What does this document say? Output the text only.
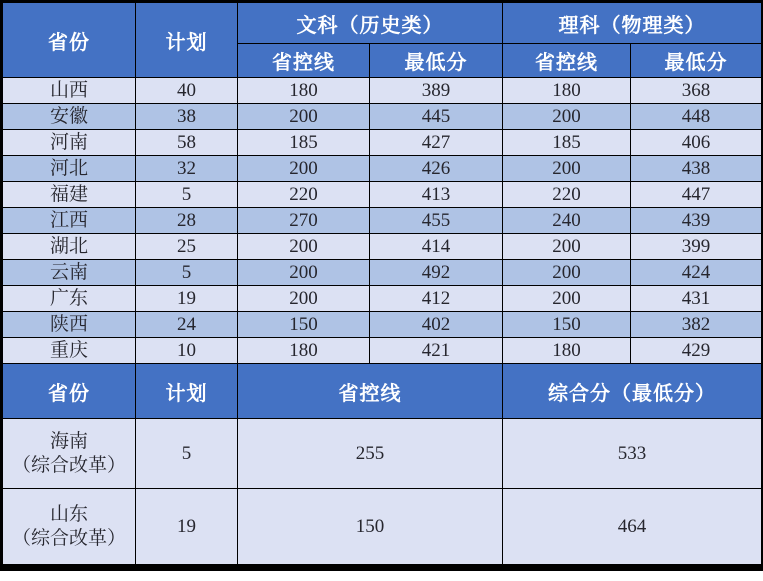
省份	计划	文科（历史类）		理科（物理类）	
		省控线	最低分	省控线	最低分
山西	40	180	389	180	368
安徽	38	200	445	200	448
河南	58	185	427	185	406
河北	32	200	426	200	438
福建	5	220	413	220	447
江西	28	270	455	240	439
湖北	25	200	414	200	399
云南	5	200	492	200	424
广东	19	200	412	200	431
陕西	24	150	402	150	382
重庆	10	180	421	180	429
省份	计划	省控线		综合分（最低分）	

海南
（综合改革）	5	255		533	

山东
（综合改革）	19	150		464	
